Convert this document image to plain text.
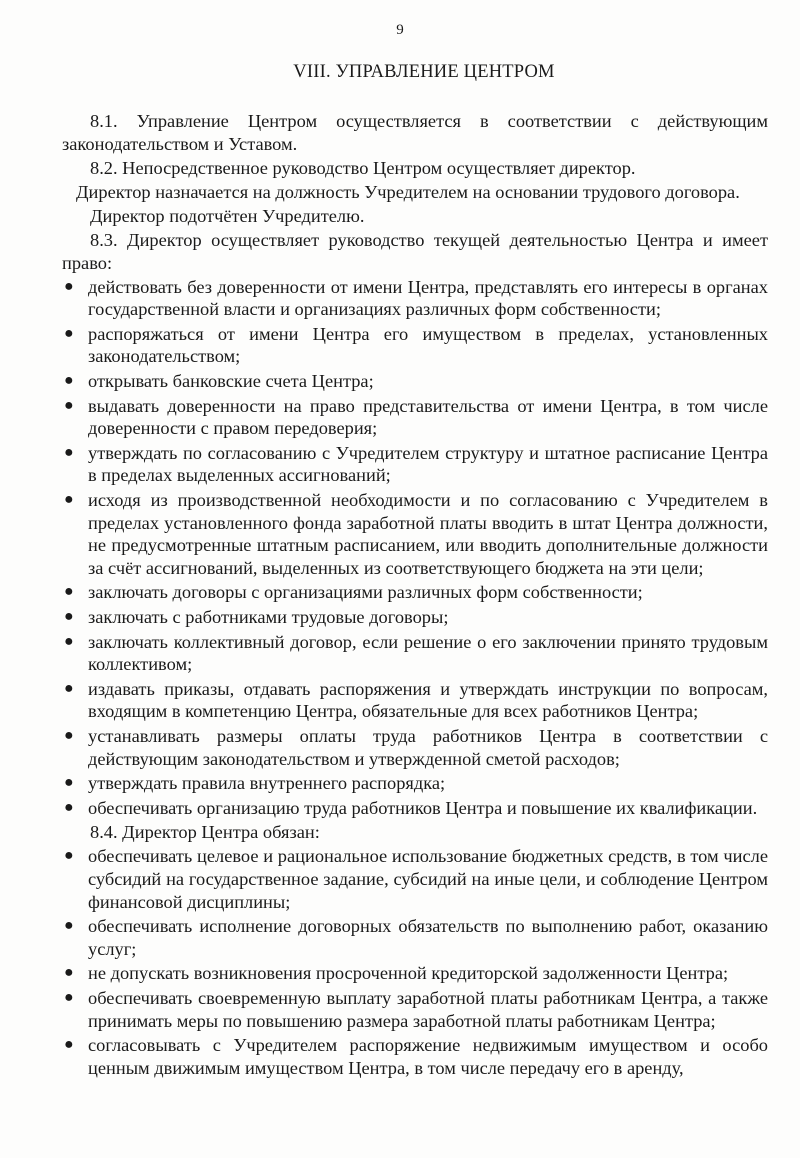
9
VIII. УПРАВЛЕНИЕ ЦЕНТРОМ

8.1. Управление Центром осуществляется в соответствии с действующим законодательством и Уставом.

8.2. Непосредственное руководство Центром осуществляет директор.

Директор назначается на должность Учредителем на основании трудового договора.

Директор подотчётен Учредителю.

8.3. Директор осуществляет руководство текущей деятельностью Центра и имеет право:

● действовать без доверенности от имени Центра, представлять его интересы в органах государственной власти и организациях различных форм собственности;
● распоряжаться от имени Центра его имуществом в пределах, установленных законодательством;
● открывать банковские счета Центра;
● выдавать доверенности на право представительства от имени Центра, в том числе доверенности с правом передоверия;
● утверждать по согласованию с Учредителем структуру и штатное расписание Центра в пределах выделенных ассигнований;
● исходя из производственной необходимости и по согласованию с Учредителем в пределах установленного фонда заработной платы вводить в штат Центра должности, не предусмотренные штатным расписанием, или вводить дополнительные должности за счёт ассигнований, выделенных из соответствующего бюджета на эти цели;
● заключать договоры с организациями различных форм собственности;
● заключать с работниками трудовые договоры;
● заключать коллективный договор, если решение о его заключении принято трудовым коллективом;
● издавать приказы, отдавать распоряжения и утверждать инструкции по вопросам, входящим в компетенцию Центра, обязательные для всех работников Центра;
● устанавливать размеры оплаты труда работников Центра в соответствии с действующим законодательством и утвержденной сметой расходов;
● утверждать правила внутреннего распорядка;
● обеспечивать организацию труда работников Центра и повышение их квалификации.

8.4. Директор Центра обязан:

● обеспечивать целевое и рациональное использование бюджетных средств, в том числе субсидий на государственное задание, субсидий на иные цели, и соблюдение Центром финансовой дисциплины;
● обеспечивать исполнение договорных обязательств по выполнению работ, оказанию услуг;
● не допускать возникновения просроченной кредиторской задолженности Центра;
● обеспечивать своевременную выплату заработной платы работникам Центра, а также принимать меры по повышению размера заработной платы работникам Центра;
● согласовывать с Учредителем распоряжение недвижимым имуществом и особо ценным движимым имуществом Центра, в том числе передачу его в аренду,
